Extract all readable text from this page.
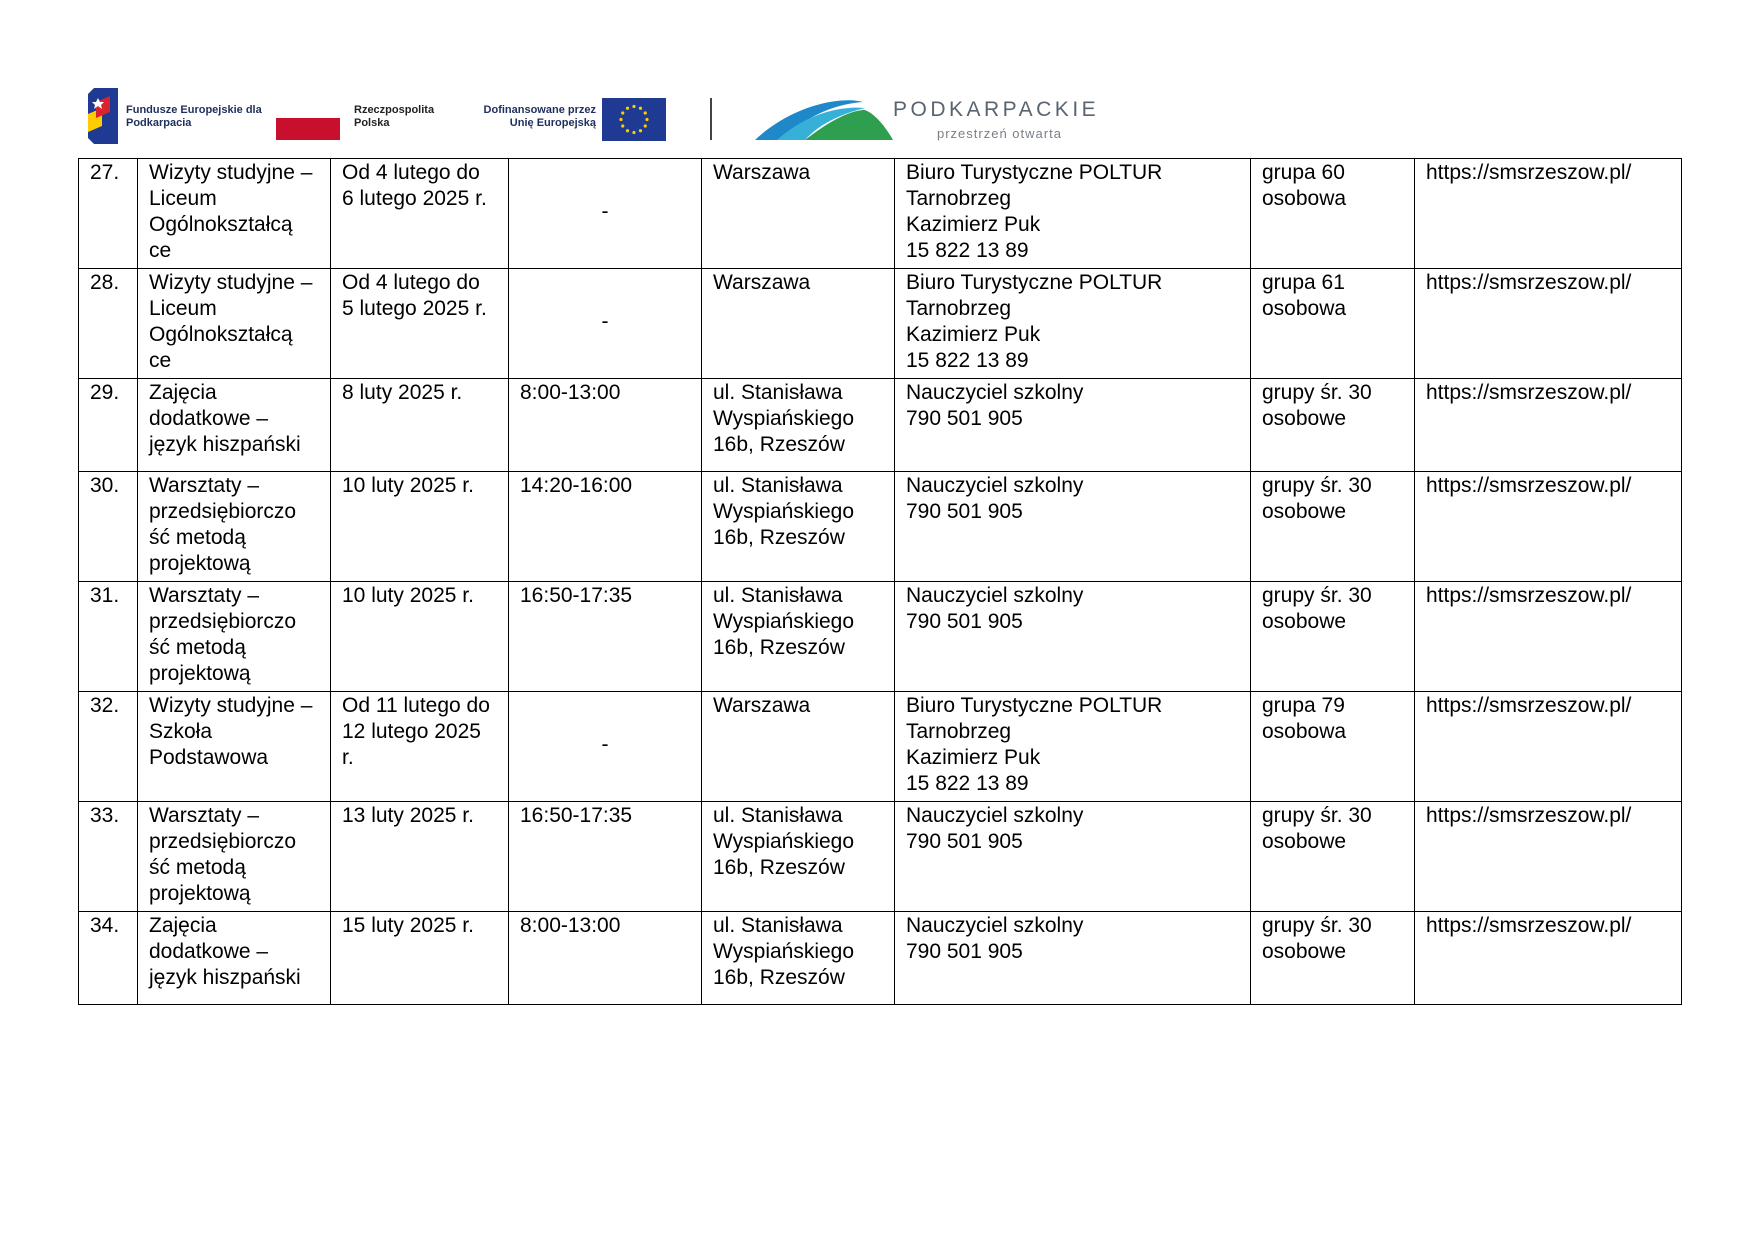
Fundusze Europejskie dla Podkarpacia
Rzeczpospolita Polska
Dofinansowane przez Unię Europejską
PODKARPACKIE
przestrzeń otwarta
27.	Wizyty studyjne – Liceum Ogólnokształcą ce	Od 4 lutego do 6 lutego 2025 r.	-	Warszawa	Biuro Turystyczne POLTUR
Tarnobrzeg
Kazimierz Puk
15 822 13 89	grupa 60 osobowa	https://smsrzeszow.pl/
28.	Wizyty studyjne – Liceum Ogólnokształcą ce	Od 4 lutego do 5 lutego 2025 r.	-	Warszawa	Biuro Turystyczne POLTUR
Tarnobrzeg
Kazimierz Puk
15 822 13 89	grupa 61 osobowa	https://smsrzeszow.pl/
29.	Zajęcia dodatkowe – język hiszpański	8 luty 2025 r.	8:00-13:00	ul. Stanisława Wyspiańskiego 16b, Rzeszów	Nauczyciel szkolny
790 501 905	grupy śr. 30 osobowe	https://smsrzeszow.pl/
30.	Warsztaty – przedsiębiorczo ść metodą projektową	10 luty 2025 r.	14:20-16:00	ul. Stanisława Wyspiańskiego 16b, Rzeszów	Nauczyciel szkolny
790 501 905	grupy śr. 30 osobowe	https://smsrzeszow.pl/
31.	Warsztaty – przedsiębiorczo ść metodą projektową	10 luty 2025 r.	16:50-17:35	ul. Stanisława Wyspiańskiego 16b, Rzeszów	Nauczyciel szkolny
790 501 905	grupy śr. 30 osobowe	https://smsrzeszow.pl/
32.	Wizyty studyjne – Szkoła Podstawowa	Od 11 lutego do 12 lutego 2025 r.	-	Warszawa	Biuro Turystyczne POLTUR
Tarnobrzeg
Kazimierz Puk
15 822 13 89	grupa 79 osobowa	https://smsrzeszow.pl/
33.	Warsztaty – przedsiębiorczo ść metodą projektową	13 luty 2025 r.	16:50-17:35	ul. Stanisława Wyspiańskiego 16b, Rzeszów	Nauczyciel szkolny
790 501 905	grupy śr. 30 osobowe	https://smsrzeszow.pl/
34.	Zajęcia dodatkowe – język hiszpański	15 luty 2025 r.	8:00-13:00	ul. Stanisława Wyspiańskiego 16b, Rzeszów	Nauczyciel szkolny
790 501 905	grupy śr. 30 osobowe	https://smsrzeszow.pl/
